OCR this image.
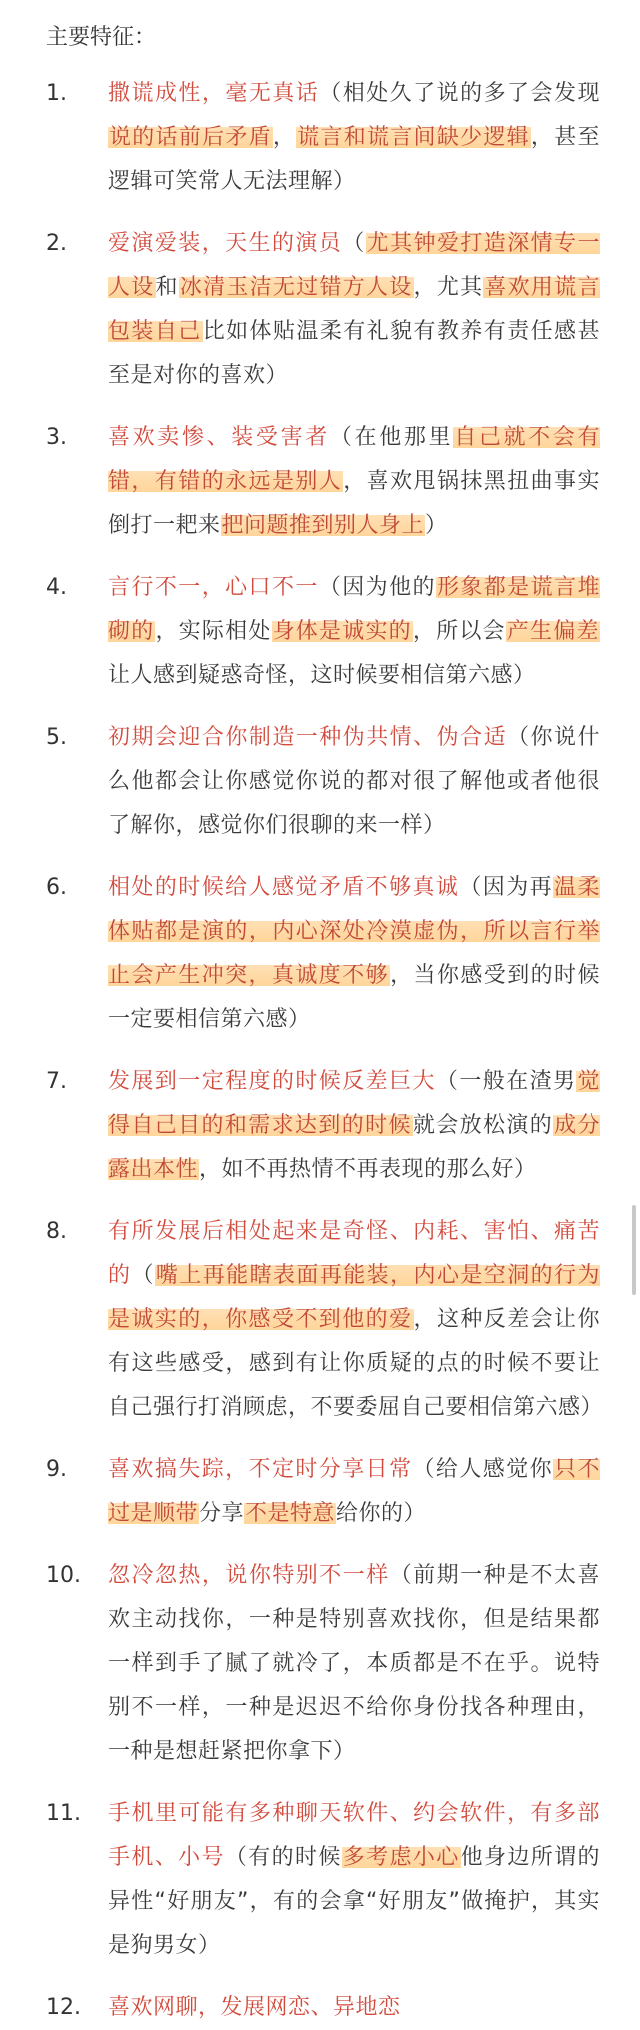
主要特征：
1.	撒谎成性，毫无真话（相处久了说的多了会发现说的话前后矛盾，谎言和谎言间缺少逻辑，甚至逻辑可笑常人无法理解）
2.	爱演爱装，天生的演员（尤其钟爱打造深情专一人设和冰清玉洁无过错方人设，尤其喜欢用谎言包装自己比如体贴温柔有礼貌有教养有责任感甚至是对你的喜欢）
3.	喜欢卖惨、装受害者（在他那里自己就不会有错，有错的永远是别人，喜欢甩锅抹黑扭曲事实倒打一耙来把问题推到别人身上）
4.	言行不一，心口不一（因为他的形象都是谎言堆砌的，实际相处身体是诚实的，所以会产生偏差让人感到疑惑奇怪，这时候要相信第六感）
5.	初期会迎合你制造一种伪共情、伪合适（你说什么他都会让你感觉你说的都对很了解他或者他很了解你，感觉你们很聊的来一样）
6.	相处的时候给人感觉矛盾不够真诚（因为再温柔体贴都是演的，内心深处冷漠虚伪，所以言行举止会产生冲突，真诚度不够，当你感受到的时候一定要相信第六感）
7.	发展到一定程度的时候反差巨大（一般在渣男觉得自己目的和需求达到的时候就会放松演的成分露出本性，如不再热情不再表现的那么好）
8.	有所发展后相处起来是奇怪、内耗、害怕、痛苦的（嘴上再能瞎表面再能装，内心是空洞的行为是诚实的，你感受不到他的爱，这种反差会让你有这些感受，感到有让你质疑的点的时候不要让自己强行打消顾虑，不要委屈自己要相信第六感）
9.	喜欢搞失踪，不定时分享日常（给人感觉你只不过是顺带分享不是特意给你的）
10.	忽冷忽热，说你特别不一样（前期一种是不太喜欢主动找你，一种是特别喜欢找你，但是结果都一样到手了腻了就冷了，本质都是不在乎。说特别不一样，一种是迟迟不给你身份找各种理由，一种是想赶紧把你拿下）
11.	手机里可能有多种聊天软件、约会软件，有多部手机、小号（有的时候多考虑小心他身边所谓的异性“好朋友”，有的会拿“好朋友”做掩护，其实是狗男女）
12.	喜欢网聊，发展网恋、异地恋
